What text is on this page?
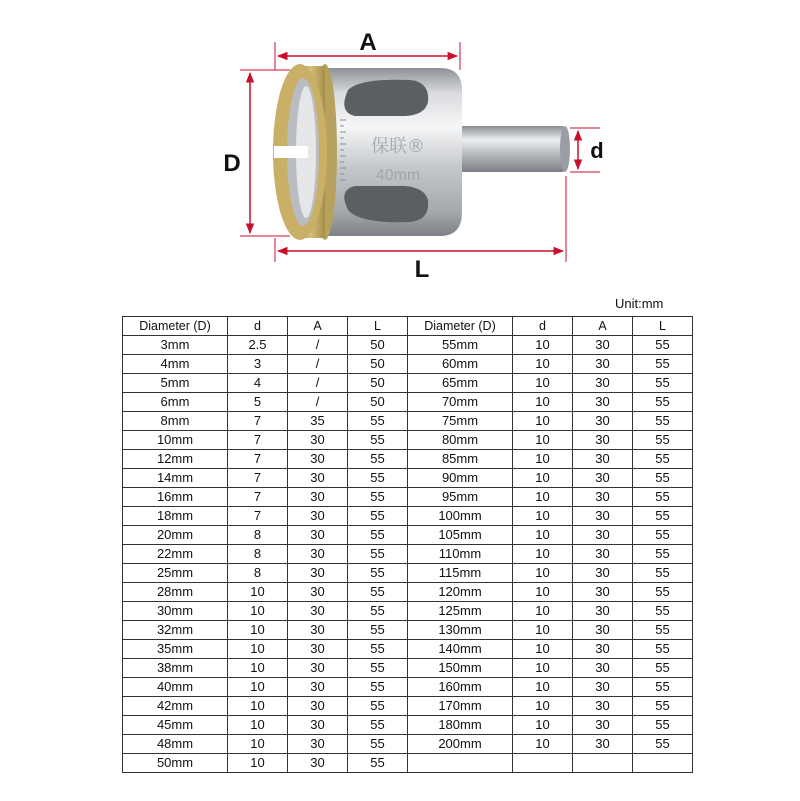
保联®
40mm
A
D	d
L
Unit:mm
Diameter (D)	d	A	L	Diameter (D)	d	A	L
3mm	2.5	/	50	55mm	10	30	55
4mm	3	/	50	60mm	10	30	55
5mm	4	/	50	65mm	10	30	55
6mm	5	/	50	70mm	10	30	55
8mm	7	35	55	75mm	10	30	55
10mm	7	30	55	80mm	10	30	55
12mm	7	30	55	85mm	10	30	55
14mm	7	30	55	90mm	10	30	55
16mm	7	30	55	95mm	10	30	55
18mm	7	30	55	100mm	10	30	55
20mm	8	30	55	105mm	10	30	55
22mm	8	30	55	110mm	10	30	55
25mm	8	30	55	115mm	10	30	55
28mm	10	30	55	120mm	10	30	55
30mm	10	30	55	125mm	10	30	55
32mm	10	30	55	130mm	10	30	55
35mm	10	30	55	140mm	10	30	55
38mm	10	30	55	150mm	10	30	55
40mm	10	30	55	160mm	10	30	55
42mm	10	30	55	170mm	10	30	55
45mm	10	30	55	180mm	10	30	55
48mm	10	30	55	200mm	10	30	55
50mm	10	30	55				
